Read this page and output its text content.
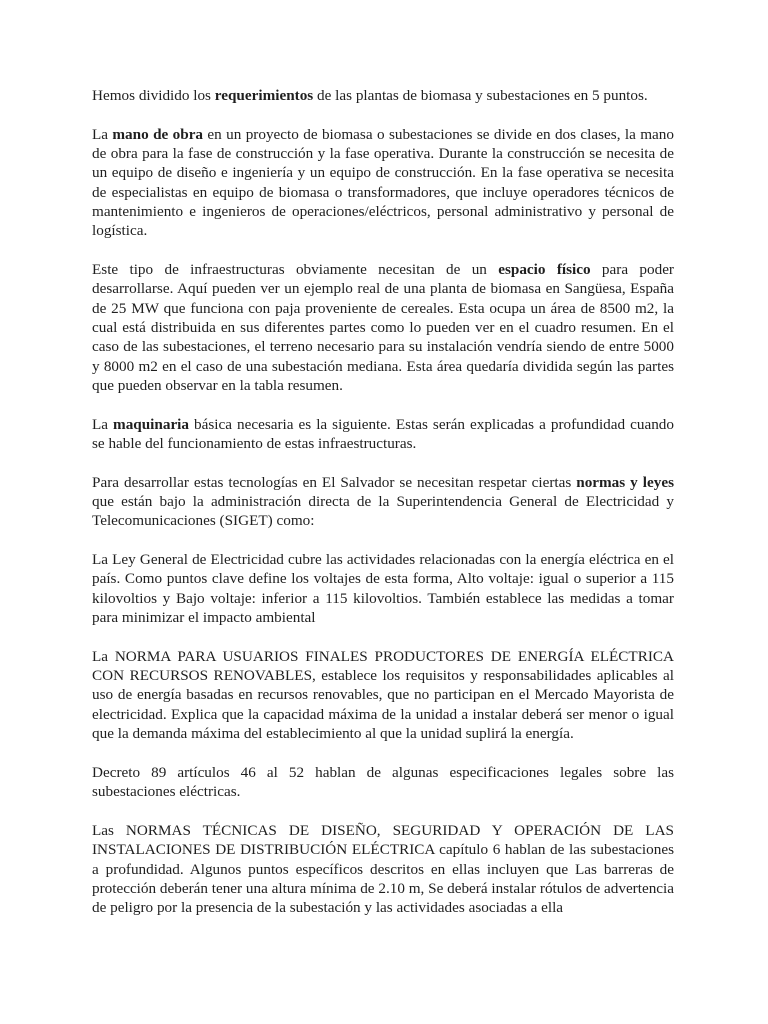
Hemos dividido los requerimientos de las plantas de biomasa y subestaciones en 5 puntos.

La mano de obra en un proyecto de biomasa o subestaciones se divide en dos clases, la mano de obra para la fase de construcción y la fase operativa. Durante la construcción se necesita de un equipo de diseño e ingeniería y un equipo de construcción. En la fase operativa se necesita de especialistas en equipo de biomasa o transformadores, que incluye operadores técnicos de mantenimiento e ingenieros de operaciones/eléctricos, personal administrativo y personal de logística.

Este tipo de infraestructuras obviamente necesitan de un espacio físico para poder desarrollarse. Aquí pueden ver un ejemplo real de una planta de biomasa en Sangüesa, España de 25 MW que funciona con paja proveniente de cereales. Esta ocupa un área de 8500 m2, la cual está distribuida en sus diferentes partes como lo pueden ver en el cuadro resumen. En el caso de las subestaciones, el terreno necesario para su instalación vendría siendo de entre 5000 y 8000 m2 en el caso de una subestación mediana. Esta área quedaría dividida según las partes que pueden observar en la tabla resumen.

La maquinaria básica necesaria es la siguiente. Estas serán explicadas a profundidad cuando se hable del funcionamiento de estas infraestructuras.

Para desarrollar estas tecnologías en El Salvador se necesitan respetar ciertas normas y leyes que están bajo la administración directa de la Superintendencia General de Electricidad y Telecomunicaciones (SIGET) como:

La Ley General de Electricidad cubre las actividades relacionadas con la energía eléctrica en el país. Como puntos clave define los voltajes de esta forma, Alto voltaje: igual o superior a 115 kilovoltios y Bajo voltaje: inferior a 115 kilovoltios. También establece las medidas a tomar para minimizar el impacto ambiental

La NORMA PARA USUARIOS FINALES PRODUCTORES DE ENERGÍA ELÉCTRICA CON RECURSOS RENOVABLES, establece los requisitos y responsabilidades aplicables al uso de energía basadas en recursos renovables, que no participan en el Mercado Mayorista de electricidad. Explica que la capacidad máxima de la unidad a instalar deberá ser menor o igual que la demanda máxima del establecimiento al que la unidad suplirá la energía.

Decreto 89 artículos 46 al 52 hablan de algunas especificaciones legales sobre las subestaciones eléctricas.

Las NORMAS TÉCNICAS DE DISEÑO, SEGURIDAD Y OPERACIÓN DE LAS INSTALACIONES DE DISTRIBUCIÓN ELÉCTRICA capítulo 6 hablan de las subestaciones a profundidad. Algunos puntos específicos descritos en ellas incluyen que Las barreras de protección deberán tener una altura mínima de 2.10 m, Se deberá instalar rótulos de advertencia de peligro por la presencia de la subestación y las actividades asociadas a ella
